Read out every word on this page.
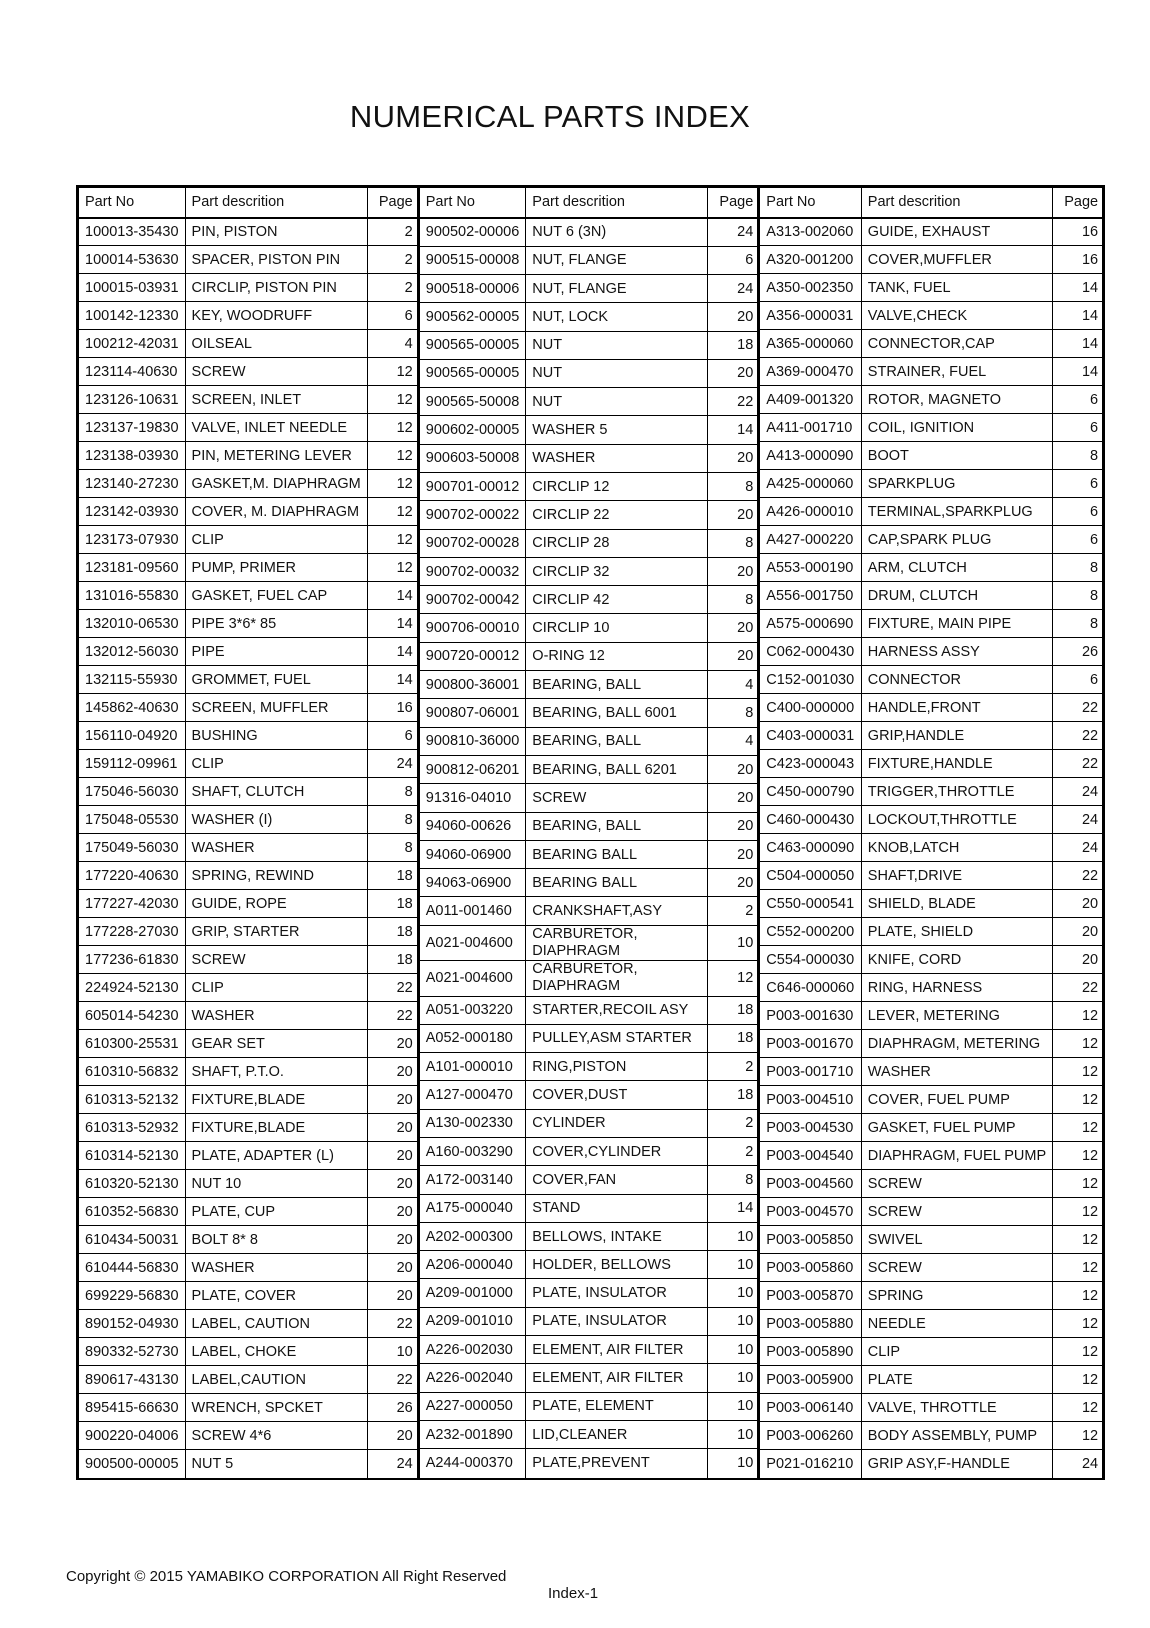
NUMERICAL PARTS INDEX
Part No	Part descrition	Page
100013-35430	PIN, PISTON	2
100014-53630	SPACER, PISTON PIN	2
100015-03931	CIRCLIP, PISTON PIN	2
100142-12330	KEY, WOODRUFF	6
100212-42031	OILSEAL	4
123114-40630	SCREW	12
123126-10631	SCREEN, INLET	12
123137-19830	VALVE, INLET NEEDLE	12
123138-03930	PIN, METERING LEVER	12
123140-27230	GASKET,M. DIAPHRAGM	12
123142-03930	COVER, M. DIAPHRAGM	12
123173-07930	CLIP	12
123181-09560	PUMP, PRIMER	12
131016-55830	GASKET, FUEL CAP	14
132010-06530	PIPE 3*6* 85	14
132012-56030	PIPE	14
132115-55930	GROMMET, FUEL	14
145862-40630	SCREEN, MUFFLER	16
156110-04920	BUSHING	6
159112-09961	CLIP	24
175046-56030	SHAFT, CLUTCH	8
175048-05530	WASHER (I)	8
175049-56030	WASHER	8
177220-40630	SPRING, REWIND	18
177227-42030	GUIDE, ROPE	18
177228-27030	GRIP, STARTER	18
177236-61830	SCREW	18
224924-52130	CLIP	22
605014-54230	WASHER	22
610300-25531	GEAR SET	20
610310-56832	SHAFT, P.T.O.	20
610313-52132	FIXTURE,BLADE	20
610313-52932	FIXTURE,BLADE	20
610314-52130	PLATE, ADAPTER (L)	20
610320-52130	NUT 10	20
610352-56830	PLATE, CUP	20
610434-50031	BOLT 8* 8	20
610444-56830	WASHER	20
699229-56830	PLATE, COVER	20
890152-04930	LABEL, CAUTION	22
890332-52730	LABEL, CHOKE	10
890617-43130	LABEL,CAUTION	22
895415-66630	WRENCH, SPCKET	26
900220-04006	SCREW 4*6	20
900500-00005	NUT 5	24
Part No	Part descrition	Page
900502-00006	NUT 6 (3N)	24
900515-00008	NUT, FLANGE	6
900518-00006	NUT, FLANGE	24
900562-00005	NUT, LOCK	20
900565-00005	NUT	18
900565-00005	NUT	20
900565-50008	NUT	22
900602-00005	WASHER 5	14
900603-50008	WASHER	20
900701-00012	CIRCLIP 12	8
900702-00022	CIRCLIP 22	20
900702-00028	CIRCLIP 28	8
900702-00032	CIRCLIP 32	20
900702-00042	CIRCLIP 42	8
900706-00010	CIRCLIP 10	20
900720-00012	O-RING 12	20
900800-36001	BEARING, BALL	4
900807-06001	BEARING, BALL 6001	8
900810-36000	BEARING, BALL	4
900812-06201	BEARING, BALL 6201	20
91316-04010	SCREW	20
94060-00626	BEARING, BALL	20
94060-06900	BEARING BALL	20
94063-06900	BEARING BALL	20
A011-001460	CRANKSHAFT,ASY	2
A021-004600	CARBURETOR, DIAPHRAGM	10
A021-004600	CARBURETOR, DIAPHRAGM	12
A051-003220	STARTER,RECOIL ASY	18
A052-000180	PULLEY,ASM STARTER	18
A101-000010	RING,PISTON	2
A127-000470	COVER,DUST	18
A130-002330	CYLINDER	2
A160-003290	COVER,CYLINDER	2
A172-003140	COVER,FAN	8
A175-000040	STAND	14
A202-000300	BELLOWS, INTAKE	10
A206-000040	HOLDER, BELLOWS	10
A209-001000	PLATE, INSULATOR	10
A209-001010	PLATE, INSULATOR	10
A226-002030	ELEMENT, AIR FILTER	10
A226-002040	ELEMENT, AIR FILTER	10
A227-000050	PLATE, ELEMENT	10
A232-001890	LID,CLEANER	10
A244-000370	PLATE,PREVENT	10
Part No	Part descrition	Page
A313-002060	GUIDE, EXHAUST	16
A320-001200	COVER,MUFFLER	16
A350-002350	TANK, FUEL	14
A356-000031	VALVE,CHECK	14
A365-000060	CONNECTOR,CAP	14
A369-000470	STRAINER, FUEL	14
A409-001320	ROTOR, MAGNETO	6
A411-001710	COIL, IGNITION	6
A413-000090	BOOT	8
A425-000060	SPARKPLUG	6
A426-000010	TERMINAL,SPARKPLUG	6
A427-000220	CAP,SPARK PLUG	6
A553-000190	ARM, CLUTCH	8
A556-001750	DRUM, CLUTCH	8
A575-000690	FIXTURE, MAIN PIPE	8
C062-000430	HARNESS ASSY	26
C152-001030	CONNECTOR	6
C400-000000	HANDLE,FRONT	22
C403-000031	GRIP,HANDLE	22
C423-000043	FIXTURE,HANDLE	22
C450-000790	TRIGGER,THROTTLE	24
C460-000430	LOCKOUT,THROTTLE	24
C463-000090	KNOB,LATCH	24
C504-000050	SHAFT,DRIVE	22
C550-000541	SHIELD, BLADE	20
C552-000200	PLATE, SHIELD	20
C554-000030	KNIFE, CORD	20
C646-000060	RING, HARNESS	22
P003-001630	LEVER, METERING	12
P003-001670	DIAPHRAGM, METERING	12
P003-001710	WASHER	12
P003-004510	COVER, FUEL PUMP	12
P003-004530	GASKET, FUEL PUMP	12
P003-004540	DIAPHRAGM, FUEL PUMP	12
P003-004560	SCREW	12
P003-004570	SCREW	12
P003-005850	SWIVEL	12
P003-005860	SCREW	12
P003-005870	SPRING	12
P003-005880	NEEDLE	12
P003-005890	CLIP	12
P003-005900	PLATE	12
P003-006140	VALVE, THROTTLE	12
P003-006260	BODY ASSEMBLY, PUMP	12
P021-016210	GRIP ASY,F-HANDLE	24
Copyright © 2015 YAMABIKO CORPORATION All Right Reserved
Index-1
